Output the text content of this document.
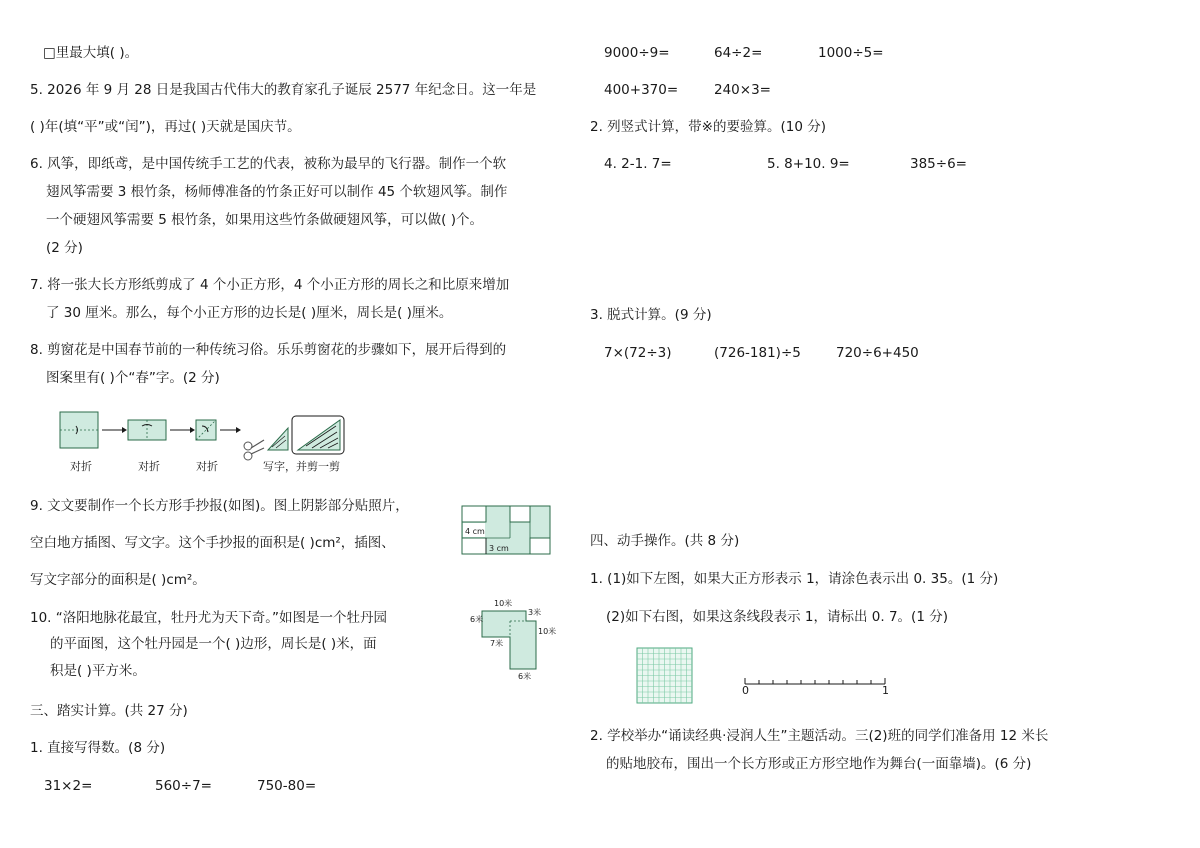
□里最大填( )。
5. 2026 年 9 月 28 日是我国古代伟大的教育家孔子诞辰 2577 年纪念日。这一年是
( )年(填“平”或“闰”)，再过( )天就是国庆节。
6. 风筝，即纸鸢，是中国传统手工艺的代表，被称为最早的飞行器。制作一个软
翅风筝需要 3 根竹条，杨师傅准备的竹条正好可以制作 45 个软翅风筝。制作
一个硬翅风筝需要 5 根竹条，如果用这些竹条做硬翅风筝，可以做( )个。
(2 分)
7. 将一张大长方形纸剪成了 4 个小正方形，4 个小正方形的周长之和比原来增加
了 30 厘米。那么，每个小正方形的边长是( )厘米，周长是( )厘米。
8. 剪窗花是中国春节前的一种传统习俗。乐乐剪窗花的步骤如下，展开后得到的
图案里有( )个“春”字。(2 分)
对折	对折	对折	写字，并剪一剪
9. 文文要制作一个长方形手抄报(如图)。图上阴影部分贴照片，
空白地方插图、写文字。这个手抄报的面积是( )cm²，插图、
写文字部分的面积是( )cm²。
4 cm
3 cm
10. “洛阳地脉花最宜，牡丹尤为天下奇。”如图是一个牡丹园
的平面图，这个牡丹园是一个( )边形，周长是( )米，面
积是( )平方米。
10米
6米
7米
10米
6米
3米
三、踏实计算。(共 27 分)
1. 直接写得数。(8 分)
31×2=	560÷7=	750-80=
9000÷9=	64÷2=	1000÷5=
400+370=	240×3=
2. 列竖式计算，带※的要验算。(10 分)
4. 2-1. 7=	5. 8+10. 9=	385÷6=
3. 脱式计算。(9 分)
7×(72÷3)	(726-181)÷5	720÷6+450
四、动手操作。(共 8 分)
1. (1)如下左图，如果大正方形表示 1，请涂色表示出 0. 35。(1 分)
(2)如下右图，如果这条线段表示 1，请标出 0. 7。(1 分)
0	1
2. 学校举办“诵读经典·浸润人生”主题活动。三(2)班的同学们准备用 12 米长
的贴地胶布，围出一个长方形或正方形空地作为舞台(一面靠墙)。(6 分)
